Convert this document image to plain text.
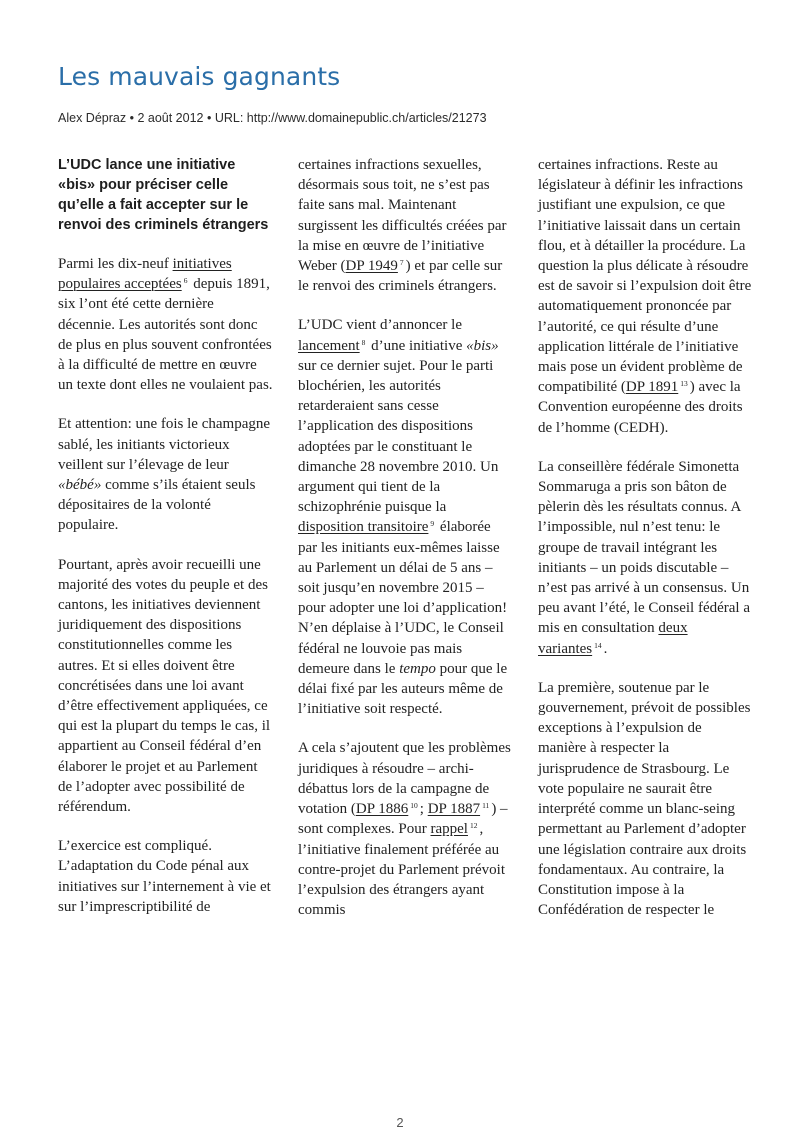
Les mauvais gagnants
Alex Dépraz • 2 août 2012 • URL: http://www.domainepublic.ch/articles/21273
L’UDC lance une initiative «bis» pour préciser celle qu’elle a fait accepter sur le renvoi des criminels étrangers

Parmi les dix-neuf initiatives populaires acceptées $^6$ depuis 1891, six l’ont été cette dernière décennie. Les autorités sont donc de plus en plus souvent confrontées à la difficulté de mettre en œuvre un texte dont elles ne voulaient pas.

Et attention: une fois le champagne sablé, les initiants victorieux veillent sur l’élevage de leur «bébé» comme s’ils étaient seuls dépositaires de la volonté populaire.

Pourtant, après avoir recueilli une majorité des votes du peuple et des cantons, les initiatives deviennent juridiquement des dispositions constitutionnelles comme les autres. Et si elles doivent être concrétisées dans une loi avant d’être effectivement appliquées, ce qui est la plupart du temps le cas, il appartient au Conseil fédéral d’en élaborer le projet et au Parlement de l’adopter avec possibilité de référendum.

L’exercice est compliqué. L’adaptation du Code pénal aux initiatives sur l’internement à vie et sur l’imprescriptibilité de

certaines infractions sexuelles, désormais sous toit, ne s’est pas faite sans mal. Maintenant surgissent les difficultés créées par la mise en œuvre de l’initiative Weber (DP 1949 $^7$ ) et par celle sur le renvoi des criminels étrangers.

L’UDC vient d’annoncer le lancement $^8$ d’une initiative «bis» sur ce dernier sujet. Pour le parti blochérien, les autorités retarderaient sans cesse l’application des dispositions adoptées par le constituant le dimanche 28 novembre 2010. Un argument qui tient de la schizophrénie puisque la disposition transitoire $^9$ élaborée par les initiants eux-mêmes laisse au Parlement un délai de 5 ans – soit jusqu’en novembre 2015 – pour adopter une loi d’application! N’en déplaise à l’UDC, le Conseil fédéral ne louvoie pas mais demeure dans le tempo pour que le délai fixé par les auteurs même de l’initiative soit respecté.

A cela s’ajoutent que les problèmes juridiques à résoudre – archi-débattus lors de la campagne de votation (DP 1886 $^{10}$ ; DP 1887 $^{11}$ ) – sont complexes. Pour rappel $^{12}$ , l’initiative finalement préférée au contre-projet du Parlement prévoit l’expulsion des étrangers ayant commis

certaines infractions. Reste au législateur à définir les infractions justifiant une expulsion, ce que l’initiative laissait dans un certain flou, et à détailler la procédure. La question la plus délicate à résoudre est de savoir si l’expulsion doit être automatiquement prononcée par l’autorité, ce qui résulte d’une application littérale de l’initiative mais pose un évident problème de compatibilité (DP 1891 $^{13}$ ) avec la Convention européenne des droits de l’homme (CEDH).

La conseillère fédérale Simonetta Sommaruga a pris son bâton de pèlerin dès les résultats connus. A l’impossible, nul n’est tenu: le groupe de travail intégrant les initiants – un poids discutable – n’est pas arrivé à un consensus. Un peu avant l’été, le Conseil fédéral a mis en consultation deux variantes $^{14}$ .

La première, soutenue par le gouvernement, prévoit de possibles exceptions à l’expulsion de manière à respecter la jurisprudence de Strasbourg. Le vote populaire ne saurait être interprété comme un blanc-seing permettant au Parlement d’adopter une législation contraire aux droits fondamentaux. Au contraire, la Constitution impose à la Confédération de respecter le

2
